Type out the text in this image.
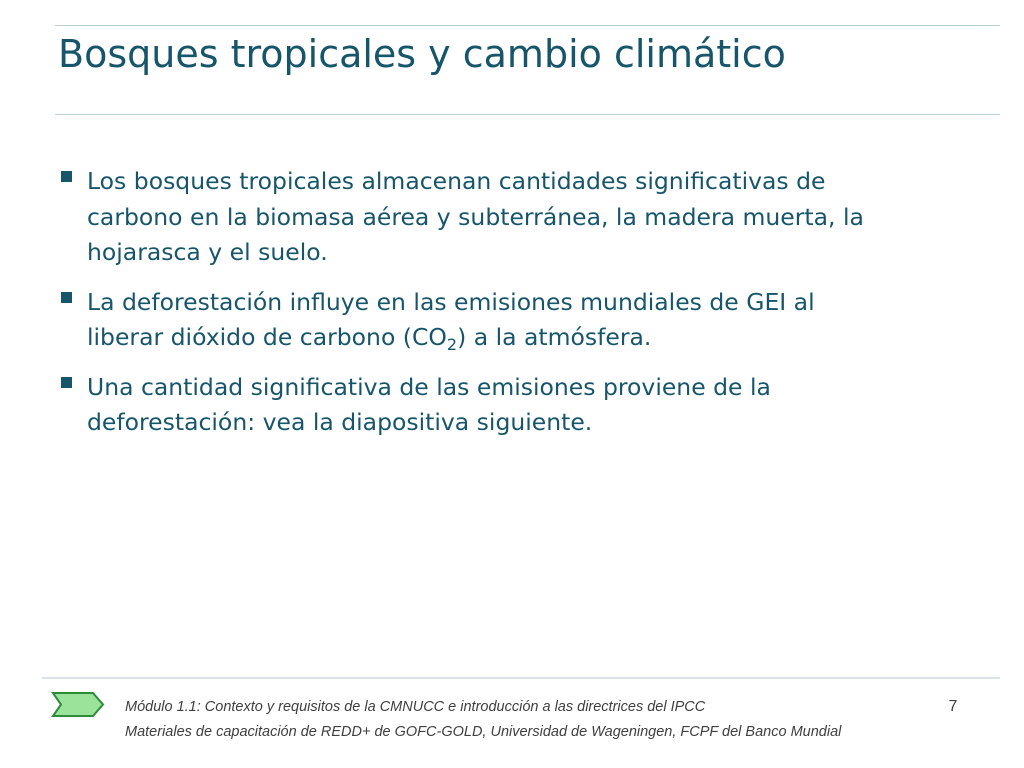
Bosques tropicales y cambio climático
Los bosques tropicales almacenan cantidades significativas de carbono en la biomasa aérea y subterránea, la madera muerta, la hojarasca y el suelo.
La deforestación influye en las emisiones mundiales de GEI al liberar dióxido de carbono $(CO_2)$ a la atmósfera.
Una cantidad significativa de las emisiones proviene de la deforestación: vea la diapositiva siguiente.
Módulo 1.1: Contexto y requisitos de la CMNUCC e introducción a las directrices del IPCC
Materiales de capacitación de REDD+ de GOFC-GOLD, Universidad de Wageningen, FCPF del Banco Mundial
7
